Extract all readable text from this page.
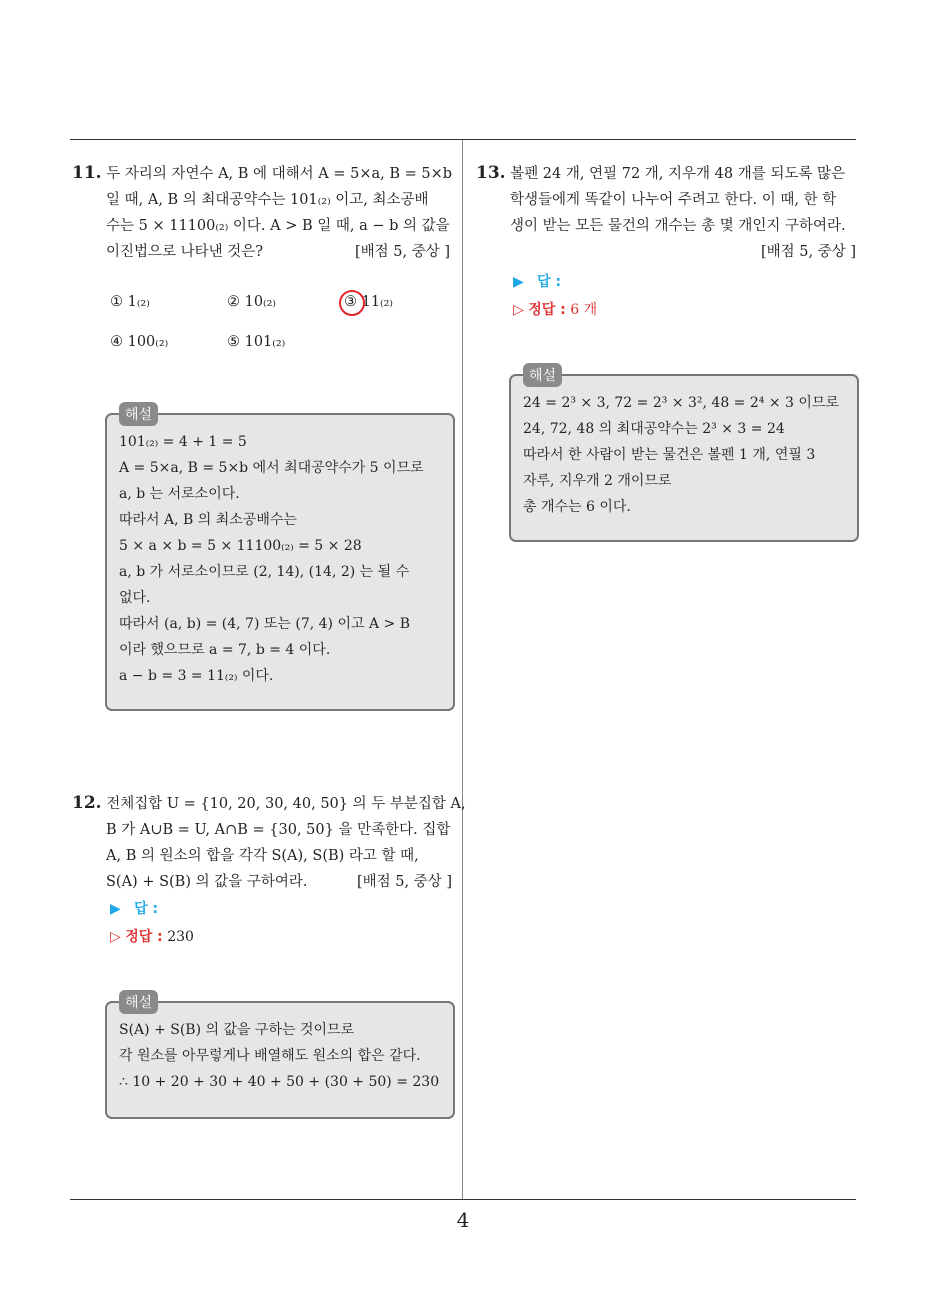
11. 두 자리의 자연수 A, B 에 대해서 A = 5×a, B = 5×b
일 때, A, B 의 최대공약수는 101₍₂₎ 이고, 최소공배
수는 5 × 11100₍₂₎ 이다. A > B 일 때, a − b 의 값을
이진법으로 나타낸 것은?	[배점 5, 중상 ]
① 1₍₂₎	② 10₍₂₎	③ 11₍₂₎
④ 100₍₂₎	⑤ 101₍₂₎
해설
101₍₂₎ = 4 + 1 = 5
A = 5×a, B = 5×b 에서 최대공약수가 5 이므로
a, b 는 서로소이다.
따라서 A, B 의 최소공배수는
5 × a × b = 5 × 11100₍₂₎ = 5 × 28
a, b 가 서로소이므로 (2, 14), (14, 2) 는 될 수
없다.
따라서 (a, b) = (4, 7) 또는 (7, 4) 이고 A > B
이라 했으므로 a = 7, b = 4 이다.
a − b = 3 = 11₍₂₎ 이다.
12. 전체집합 U = {10, 20, 30, 40, 50} 의 두 부분집합 A,
B 가 A∪B = U, A∩B = {30, 50} 을 만족한다. 집합
A, B 의 원소의 합을 각각 S(A), S(B) 라고 할 때,
S(A) + S(B) 의 값을 구하여라.	[배점 5, 중상 ]
▶ 답 :
▷ 정답 : 230
해설
S(A) + S(B) 의 값을 구하는 것이므로
각 원소를 아무렇게나 배열해도 원소의 합은 같다.
∴ 10 + 20 + 30 + 40 + 50 + (30 + 50) = 230
13. 볼펜 24 개, 연필 72 개, 지우개 48 개를 되도록 많은
학생들에게 똑같이 나누어 주려고 한다. 이 때, 한 학
생이 받는 모든 물건의 개수는 총 몇 개인지 구하여라.
[배점 5, 중상 ]
▶ 답 :
▷ 정답 : 6 개
해설
24 = 2³ × 3, 72 = 2³ × 3², 48 = 2⁴ × 3 이므로
24, 72, 48 의 최대공약수는 2³ × 3 = 24
따라서 한 사람이 받는 물건은 볼펜 1 개, 연필 3
자루, 지우개 2 개이므로
총 개수는 6 이다.
4
